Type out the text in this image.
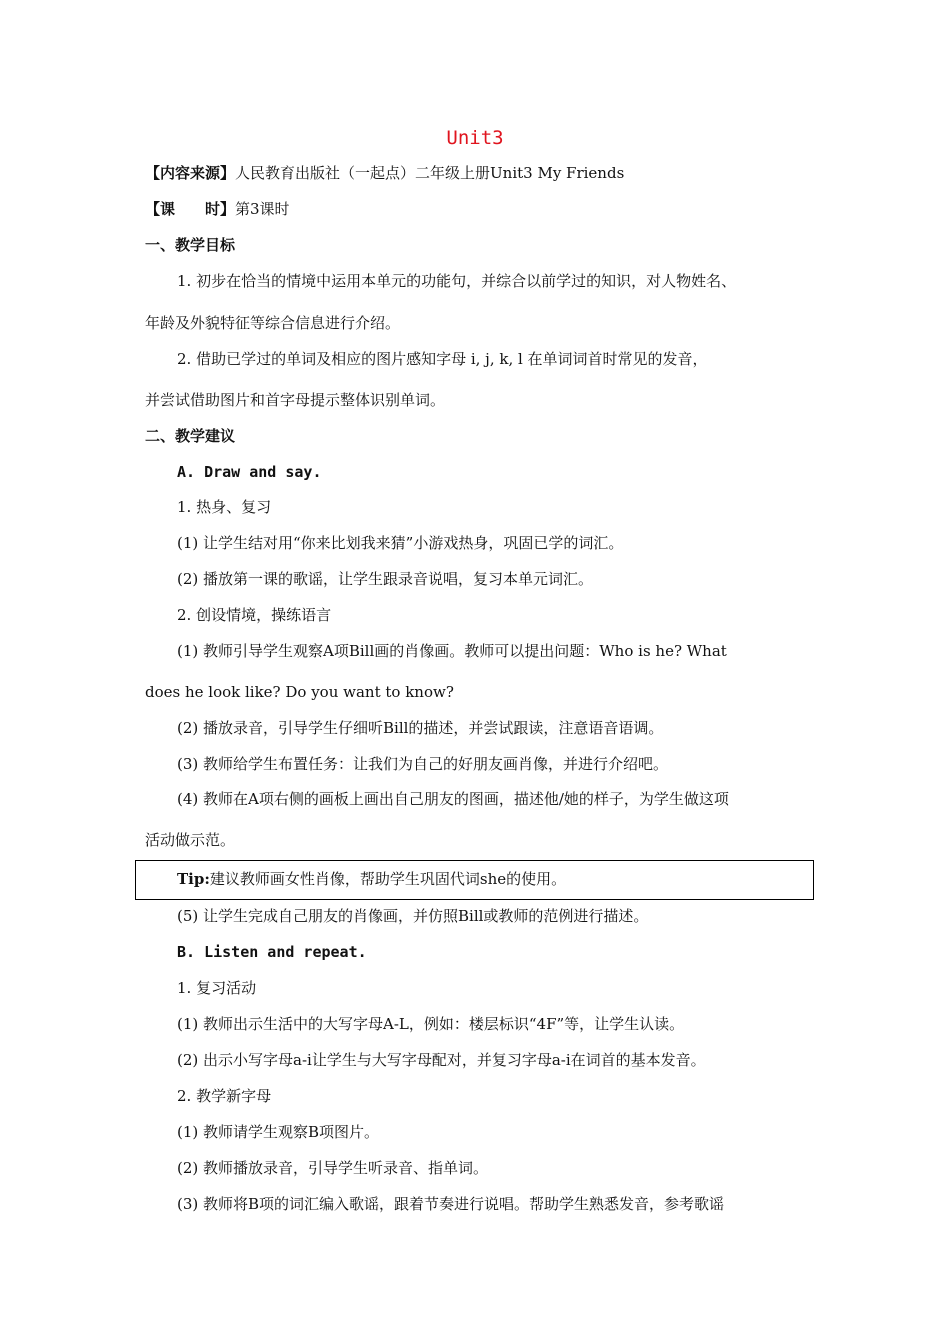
Unit3
【内容来源】人民教育出版社（一起点）二年级上册Unit3 My Friends
【课　　时】第3课时
一、教学目标
1. 初步在恰当的情境中运用本单元的功能句，并综合以前学过的知识，对人物姓名、
年龄及外貌特征等综合信息进行介绍。
2. 借助已学过的单词及相应的图片感知字母 i, j, k, l 在单词词首时常见的发音，
并尝试借助图片和首字母提示整体识别单词。
二、教学建议
A. Draw and say.
1. 热身、复习
(1) 让学生结对用“你来比划我来猜”小游戏热身，巩固已学的词汇。
(2) 播放第一课的歌谣，让学生跟录音说唱，复习本单元词汇。
2. 创设情境，操练语言
(1) 教师引导学生观察A项Bill画的肖像画。教师可以提出问题：Who is he? What
does he look like? Do you want to know?
(2) 播放录音，引导学生仔细听Bill的描述，并尝试跟读，注意语音语调。
(3) 教师给学生布置任务：让我们为自己的好朋友画肖像，并进行介绍吧。
(4) 教师在A项右侧的画板上画出自己朋友的图画，描述他/她的样子，为学生做这项
活动做示范。
Tip:建议教师画女性肖像，帮助学生巩固代词she的使用。
(5) 让学生完成自己朋友的肖像画，并仿照Bill或教师的范例进行描述。
B. Listen and repeat.
1. 复习活动
(1) 教师出示生活中的大写字母A-L，例如：楼层标识“4F”等，让学生认读。
(2) 出示小写字母a-i让学生与大写字母配对，并复习字母a-i在词首的基本发音。
2. 教学新字母
(1) 教师请学生观察B项图片。
(2) 教师播放录音，引导学生听录音、指单词。
(3) 教师将B项的词汇编入歌谣，跟着节奏进行说唱。帮助学生熟悉发音，参考歌谣
